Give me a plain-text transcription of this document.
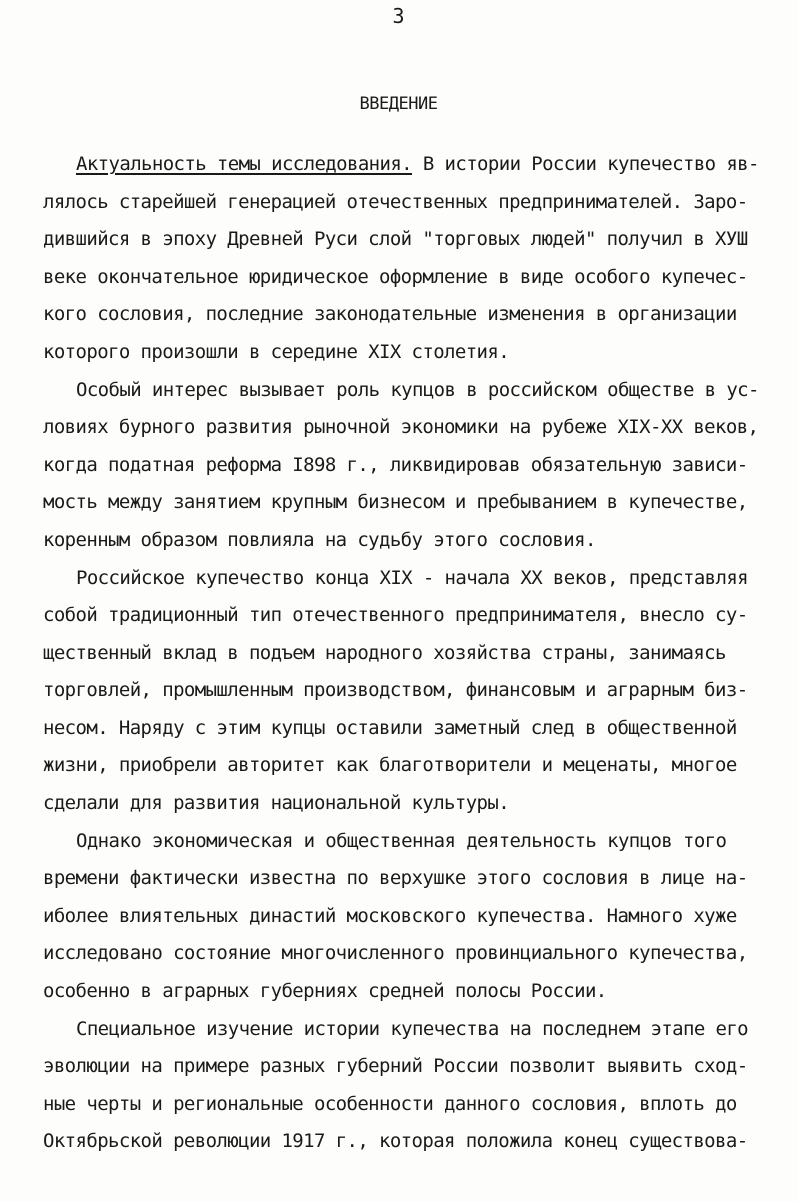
3
ВВЕДЕНИЕ
Актуальность темы исследования. В истории России купечество яв-
лялось старейшей генерацией отечественных предпринимателей. Заро-
дившийся в эпоху Древней Руси слой "торговых людей" получил в ХУШ
веке окончательное юридическое оформление в виде особого купечес-
кого сословия, последние законодательные изменения в организации
которого произошли в середине XIX столетия.
Особый интерес вызывает роль купцов в российском обществе в ус-
ловиях бурного развития рыночной экономики на рубеже XIX-XX веков,
когда податная реформа I898 г., ликвидировав обязательную зависи-
мость между занятием крупным бизнесом и пребыванием в купечестве,
коренным образом повлияла на судьбу этого сословия.
Российское купечество конца XIX - начала XX веков, представляя
собой традиционный тип отечественного предпринимателя, внесло су-
щественный вклад в подъем народного хозяйства страны, занимаясь
торговлей, промышленным производством, финансовым и аграрным биз-
несом. Наряду с этим купцы оставили заметный след в общественной
жизни, приобрели авторитет как благотворители и меценаты, многое
сделали для развития национальной культуры.
Однако экономическая и общественная деятельность купцов того
времени фактически известна по верхушке этого сословия в лице на-
иболее влиятельных династий московского купечества. Намного хуже
исследовано состояние многочисленного провинциального купечества,
особенно в аграрных губерниях средней полосы России.
Специальное изучение истории купечества на последнем этапе его
эволюции на примере разных губерний России позволит выявить сход-
ные черты и региональные особенности данного сословия, вплоть до
Октябрьской революции 1917 г., которая положила конец существова-
